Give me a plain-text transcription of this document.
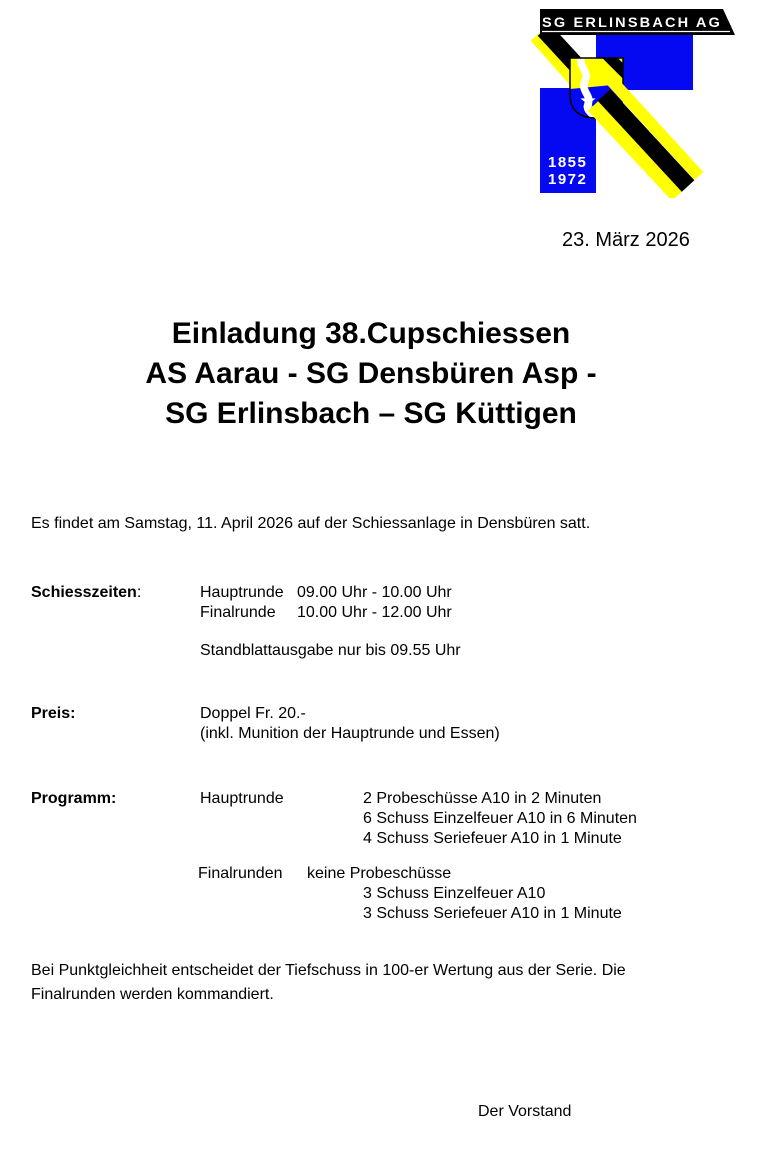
SG ERLINSBACH AG
1855
1972
23. März 2026
Einladung 38.Cupschiessen
AS Aarau - SG Densbüren Asp -
SG Erlinsbach – SG Küttigen
Es findet am Samstag, 11. April 2026 auf der Schiessanlage in Densbüren satt.
Schiesszeiten:	Hauptrunde 09.00 Uhr - 10.00 Uhr
Finalrunde 10.00 Uhr - 12.00 Uhr
Standblattausgabe nur bis 09.55 Uhr
Preis:	Doppel Fr. 20.-
(inkl. Munition der Hauptrunde und Essen)
Programm:	Hauptrunde	2 Probeschüsse A10 in 2 Minuten
6 Schuss Einzelfeuer A10 in 6 Minuten
4 Schuss Seriefeuer A10 in 1 Minute
Finalrunden keine Probeschüsse
3 Schuss Einzelfeuer A10
3 Schuss Seriefeuer A10 in 1 Minute
Bei Punktgleichheit entscheidet der Tiefschuss in 100-er Wertung aus der Serie. Die
Finalrunden werden kommandiert.
Der Vorstand
